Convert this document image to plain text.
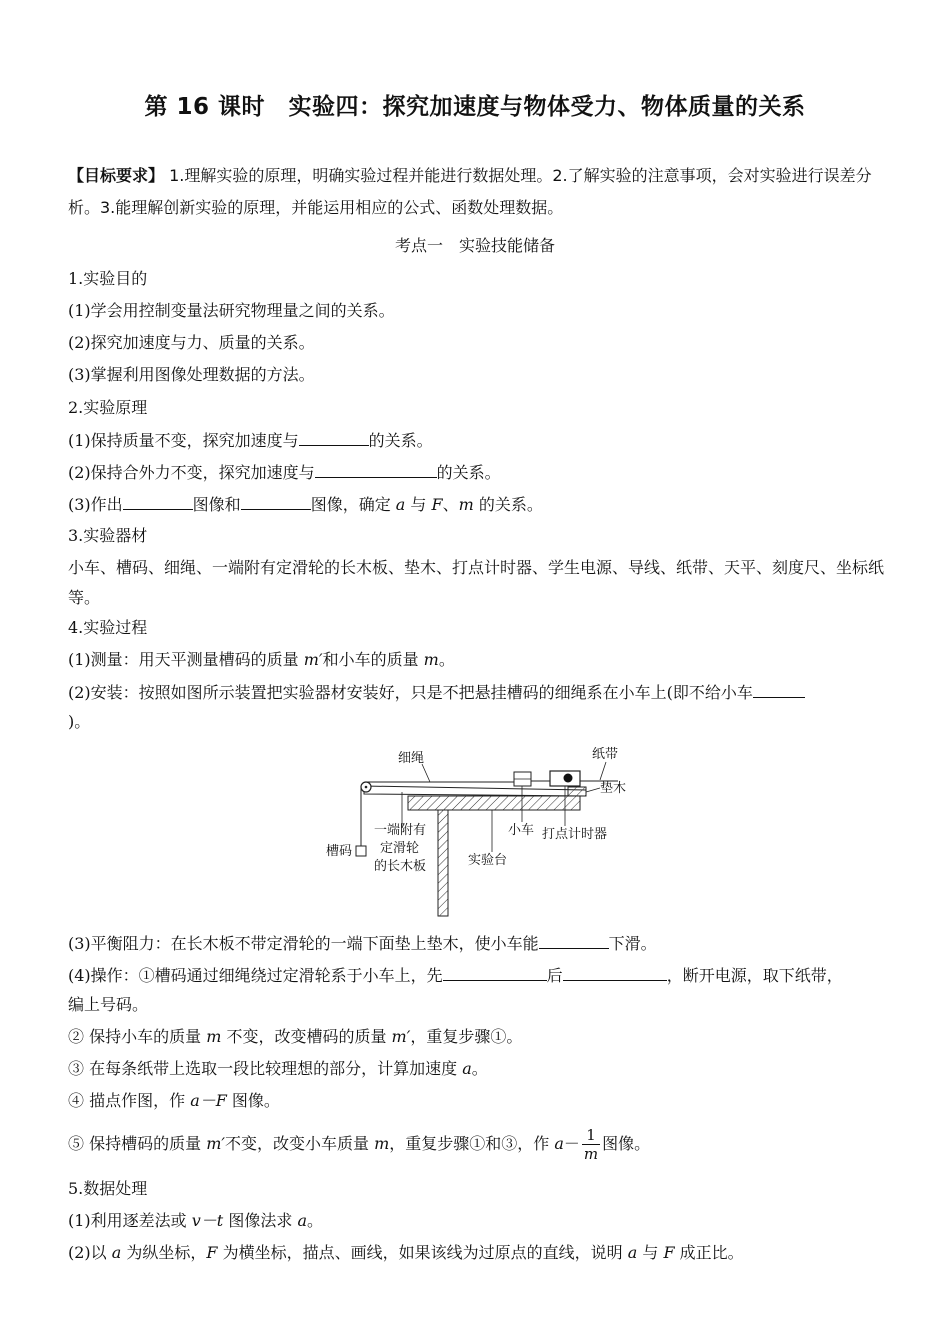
第 16 课时　实验四：探究加速度与物体受力、物体质量的关系
【目标要求】 1.理解实验的原理，明确实验过程并能进行数据处理。2.了解实验的注意事项，会对实验进行误差分析。3.能理解创新实验的原理，并能运用相应的公式、函数处理数据。
考点一　实验技能储备
1.实验目的
(1)学会用控制变量法研究物理量之间的关系。
(2)探究加速度与力、质量的关系。
(3)掌握利用图像处理数据的方法。
2.实验原理
(1)保持质量不变，探究加速度与	的关系。
(2)保持合外力不变，探究加速度与	的关系。
(3)作出	图像和	图像，确定 a 与 F、m 的关系。
3.实验器材
小车、槽码、细绳、一端附有定滑轮的长木板、垫木、打点计时器、学生电源、导线、纸带、天平、刻度尺、坐标纸等。
4.实验过程
(1)测量：用天平测量槽码的质量 m′和小车的质量 m。
(2)安装：按照如图所示装置把实验器材安装好，只是不把悬挂槽码的细绳系在小车上(即不给小车
)。
细绳	纸带
垫木
小车 打点计时器
槽码
一端附有
定滑轮
的长木板	实验台
(3)平衡阻力：在长木板不带定滑轮的一端下面垫上垫木，使小车能	下滑。
(4)操作：①槽码通过细绳绕过定滑轮系于小车上，先	后	，断开电源，取下纸带，
编上号码。
② 保持小车的质量 m 不变，改变槽码的质量 m′，重复步骤①。
③ 在每条纸带上选取一段比较理想的部分，计算加速度 a。
④ 描点作图，作 a－F 图像。
⑤ 保持槽码的质量 m′不变，改变小车质量 m，重复步骤①和③，作 $a- \frac{1}{m}$ 图像。
5.数据处理
(1)利用逐差法或 v－t 图像法求 a。
(2)以 a 为纵坐标，F 为横坐标，描点、画线，如果该线为过原点的直线，说明 a 与 F 成正比。
